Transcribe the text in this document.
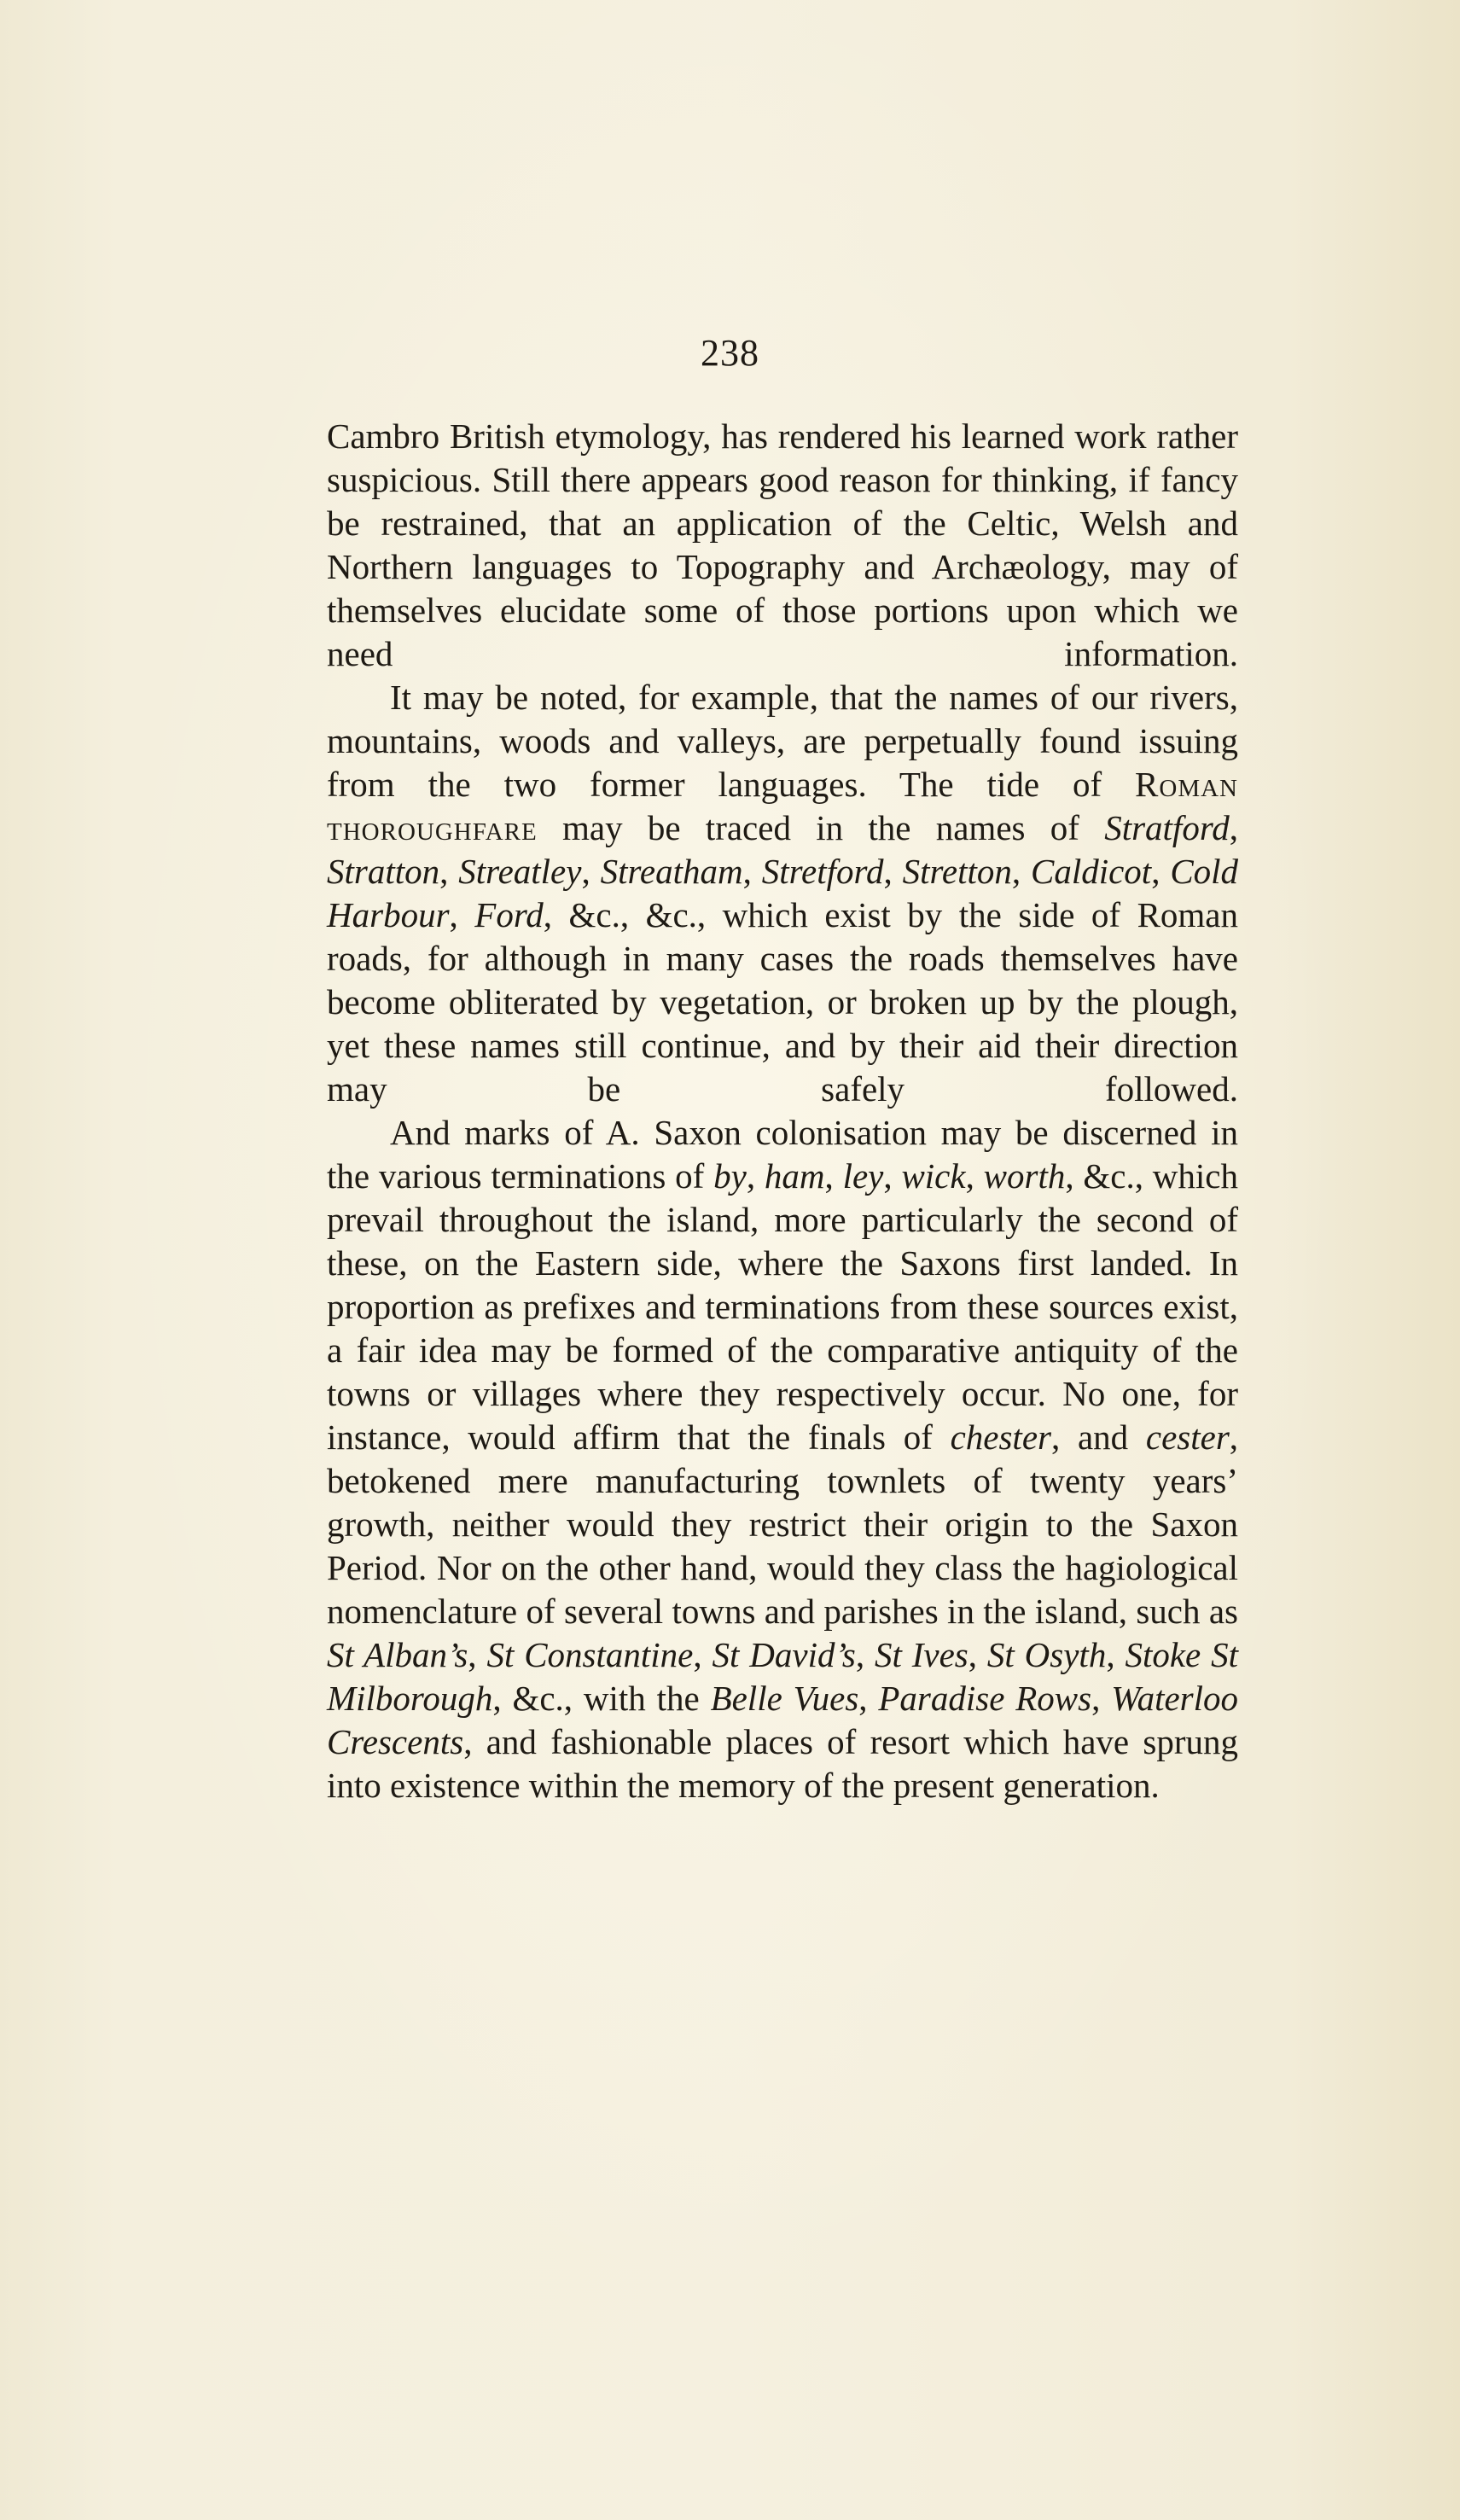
238

Cambro British etymology, has rendered his learned work rather suspicious. Still there appears good reason for thinking, if fancy be restrained, that an application of the Celtic, Welsh and Northern languages to Topography and Archæology, may of themselves elucidate some of those portions upon which we need information.

It may be noted, for example, that the names of our rivers, mountains, woods and valleys, are perpetually found issuing from the two former languages. The tide of Roman thoroughfare may be traced in the names of Stratford, Stratton, Streatley, Streatham, Stretford, Stretton, Caldicot, Cold Harbour, Ford, &c., &c., which exist by the side of Roman roads, for although in many cases the roads themselves have become obliterated by vegetation, or broken up by the plough, yet these names still continue, and by their aid their direction may be safely followed.

And marks of A. Saxon colonisation may be discerned in the various terminations of by, ham, ley, wick, worth, &c., which prevail throughout the island, more particularly the second of these, on the Eastern side, where the Saxons first landed. In proportion as prefixes and terminations from these sources exist, a fair idea may be formed of the comparative antiquity of the towns or villages where they respectively occur. No one, for instance, would affirm that the finals of chester, and cester, betokened mere manufacturing townlets of twenty years’ growth, neither would they restrict their origin to the Saxon Period. Nor on the other hand, would they class the hagiological nomenclature of several towns and parishes in the island, such as St Alban’s, St Constantine, St David’s, St Ives, St Osyth, Stoke St Milborough, &c., with the Belle Vues, Paradise Rows, Waterloo Crescents, and fashionable places of resort which have sprung into existence within the memory of the present generation.
